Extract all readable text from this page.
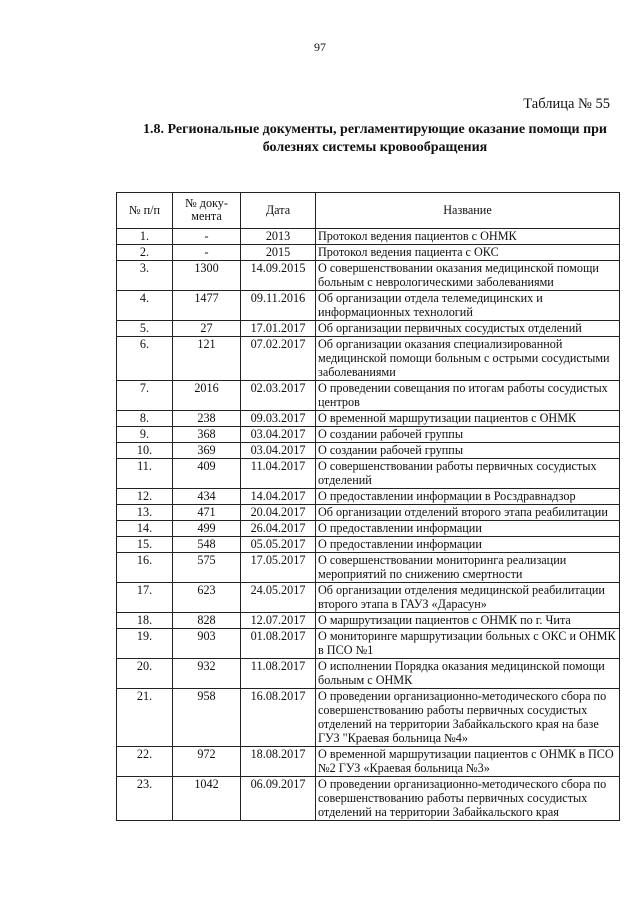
97
Таблица № 55
1.8. Региональные документы, регламентирующие оказание помощи при болезнях системы кровообращения
№ п/п	№ доку-мента	Дата	Название
1.	-	2013	Протокол ведения пациентов с ОНМК
2.	-	2015	Протокол ведения пациента с ОКС
3.	1300	14.09.2015	О совершенствовании оказания медицинской помощи больным с неврологическими заболеваниями
4.	1477	09.11.2016	Об организации отдела телемедицинских и информационных технологий
5.	27	17.01.2017	Об организации первичных сосудистых отделений
6.	121	07.02.2017	Об организации оказания специализированной медицинской помощи больным с острыми сосудистыми заболеваниями
7.	2016	02.03.2017	О проведении совещания по итогам работы сосудистых центров
8.	238	09.03.2017	О временной маршрутизации пациентов с ОНМК
9.	368	03.04.2017	О создании рабочей группы
10.	369	03.04.2017	О создании рабочей группы
11.	409	11.04.2017	О совершенствовании работы первичных сосудистых отделений
12.	434	14.04.2017	О предоставлении информации в Росздравнадзор
13.	471	20.04.2017	Об организации отделений второго этапа реабилитации
14.	499	26.04.2017	О предоставлении информации
15.	548	05.05.2017	О предоставлении информации
16.	575	17.05.2017	О совершенствовании мониторинга реализации мероприятий по снижению смертности
17.	623	24.05.2017	Об организации отделения медицинской реабилитации второго этапа в ГАУЗ «Дарасун»
18.	828	12.07.2017	О маршрутизации пациентов с ОНМК по г. Чита
19.	903	01.08.2017	О мониторинге маршрутизации больных с ОКС и ОНМК в ПСО №1
20.	932	11.08.2017	О исполнении Порядка оказания медицинской помощи больным с ОНМК
21.	958	16.08.2017	О проведении организационно-методического сбора по совершенствованию работы первичных сосудистых отделений на территории Забайкальского края на базе ГУЗ "Краевая больница №4»
22.	972	18.08.2017	О временной маршрутизации пациентов с ОНМК в ПСО №2 ГУЗ «Краевая больница №3»
23.	1042	06.09.2017	О проведении организационно-методического сбора по совершенствованию работы первичных сосудистых отделений на территории Забайкальского края
